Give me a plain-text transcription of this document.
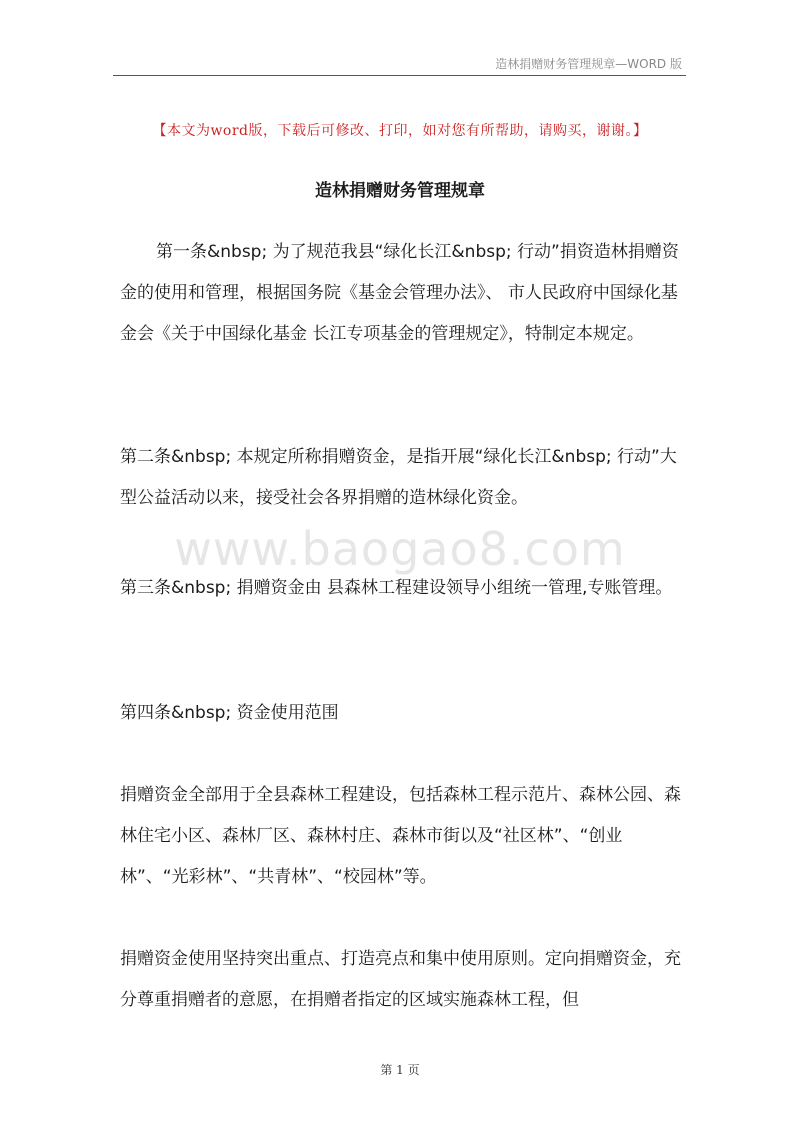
造林捐赠财务管理规章—WORD 版
【本文为word版，下载后可修改、打印，如对您有所帮助，请购买，谢谢。】
造林捐赠财务管理规章

第一条&nbsp; 为了规范我县“绿化长江&nbsp; 行动”捐资造林捐赠资金的使用和管理，根据国务院《基金会管理办法》、 市人民政府中国绿化基金会《关于中国绿化基金 长江专项基金的管理规定》，特制定本规定。

第二条&nbsp; 本规定所称捐赠资金，是指开展“绿化长江&nbsp; 行动”大型公益活动以来，接受社会各界捐赠的造林绿化资金。

www.baogao8.com

第三条&nbsp; 捐赠资金由 县森林工程建设领导小组统一管理,专账管理。

第四条&nbsp; 资金使用范围

捐赠资金全部用于全县森林工程建设，包括森林工程示范片、森林公园、森林住宅小区、森林厂区、森林村庄、森林市街以及“社区林”、“创业林”、“光彩林”、“共青林”、“校园林”等。

捐赠资金使用坚持突出重点、打造亮点和集中使用原则。定向捐赠资金，充分尊重捐赠者的意愿，在捐赠者指定的区域实施森林工程，但

第 1 页
